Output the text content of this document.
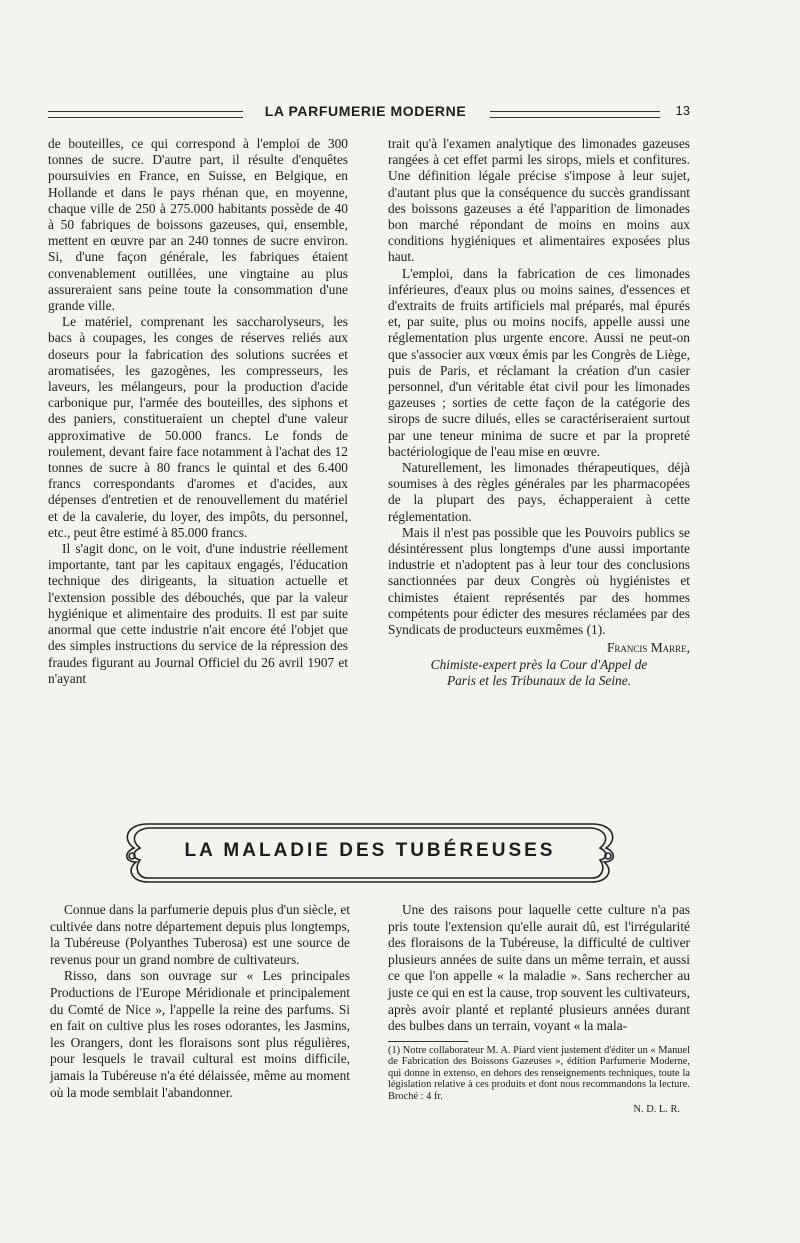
LA PARFUMERIE MODERNE	13

de bouteilles, ce qui correspond à l'emploi de 300 tonnes de sucre. D'autre part, il résulte d'enquêtes poursuivies en France, en Suisse, en Belgique, en Hollande et dans le pays rhénan que, en moyenne, chaque ville de 250 à 275.000 habitants possède de 40 à 50 fabriques de boissons gazeuses, qui, ensemble, mettent en œuvre par an 240 tonnes de sucre environ. Si, d'une façon générale, les fabriques étaient convenablement outillées, une vingtaine au plus assureraient sans peine toute la consommation d'une grande ville.

Le matériel, comprenant les saccharolyseurs, les bacs à coupages, les conges de réserves reliés aux doseurs pour la fabrication des solutions sucrées et aromatisées, les gazogènes, les compresseurs, les laveurs, les mélangeurs, pour la production d'acide carbonique pur, l'armée des bouteilles, des siphons et des paniers, constitueraient un cheptel d'une valeur approximative de 50.000 francs. Le fonds de roulement, devant faire face notamment à l'achat des 12 tonnes de sucre à 80 francs le quintal et des 6.400 francs correspondants d'aromes et d'acides, aux dépenses d'entretien et de renouvellement du matériel et de la cavalerie, du loyer, des impôts, du personnel, etc., peut être estimé à 85.000 francs.

Il s'agit donc, on le voit, d'une industrie réellement importante, tant par les capitaux engagés, l'éducation technique des dirigeants, la situation actuelle et l'extension possible des débouchés, que par la valeur hygiénique et alimentaire des produits. Il est par suite anormal que cette industrie n'ait encore été l'objet que des simples instructions du service de la répression des fraudes figurant au Journal Officiel du 26 avril 1907 et n'ayant

trait qu'à l'examen analytique des limonades gazeuses rangées à cet effet parmi les sirops, miels et confitures. Une définition légale précise s'impose à leur sujet, d'autant plus que la conséquence du succès grandissant des boissons gazeuses a été l'apparition de limonades bon marché répondant de moins en moins aux conditions hygiéniques et alimentaires exposées plus haut.

L'emploi, dans la fabrication de ces limonades inférieures, d'eaux plus ou moins saines, d'essences et d'extraits de fruits artificiels mal préparés, mal épurés et, par suite, plus ou moins nocifs, appelle aussi une réglementation plus urgente encore. Aussi ne peut-on que s'associer aux vœux émis par les Congrès de Liège, puis de Paris, et réclamant la création d'un casier personnel, d'un véritable état civil pour les limonades gazeuses ; sorties de cette façon de la catégorie des sirops de sucre dilués, elles se caractériseraient surtout par une teneur minima de sucre et par la propreté bactériologique de l'eau mise en œuvre.

Naturellement, les limonades thérapeutiques, déjà soumises à des règles générales par les pharmacopées de la plupart des pays, échapperaient à cette réglementation.

Mais il n'est pas possible que les Pouvoirs publics se désintéressent plus longtemps d'une aussi importante industrie et n'adoptent pas à leur tour des conclusions sanctionnées par deux Congrès où hygiénistes et chimistes étaient représentés par des hommes compétents pour édicter des mesures réclamées par des Syndicats de producteurs euxmêmes (1).

Francis Marre,
Chimiste-expert près la Cour d'Appel de
Paris et les Tribunaux de la Seine.
LA MALADIE DES TUBÉREUSES

Connue dans la parfumerie depuis plus d'un siècle, et cultivée dans notre département depuis plus longtemps, la Tubéreuse (Polyanthes Tuberosa) est une source de revenus pour un grand nombre de cultivateurs.

Risso, dans son ouvrage sur « Les principales Productions de l'Europe Méridionale et principalement du Comté de Nice », l'appelle la reine des parfums. Si en fait on cultive plus les roses odorantes, les Jasmins, les Orangers, dont les floraisons sont plus régulières, pour lesquels le travail cultural est moins difficile, jamais la Tubéreuse n'a été délaissée, même au moment où la mode semblait l'abandonner.

Une des raisons pour laquelle cette culture n'a pas pris toute l'extension qu'elle aurait dû, est l'irrégularité des floraisons de la Tubéreuse, la difficulté de cultiver plusieurs années de suite dans un même terrain, et aussi ce que l'on appelle « la maladie ». Sans rechercher au juste ce qui en est la cause, trop souvent les cultivateurs, après avoir planté et replanté plusieurs années durant des bulbes dans un terrain, voyant « la mala-

(1) Notre collaborateur M. A. Piard vient justement d'éditer un « Manuel de Fabrication des Boissons Gazeuses », édition Parfumerie Moderne, qui donne in extenso, en dehors des renseignements techniques, toute la législation relative à ces produits et dont nous recommandons la lecture. Broché : 4 fr.
N. D. L. R.
